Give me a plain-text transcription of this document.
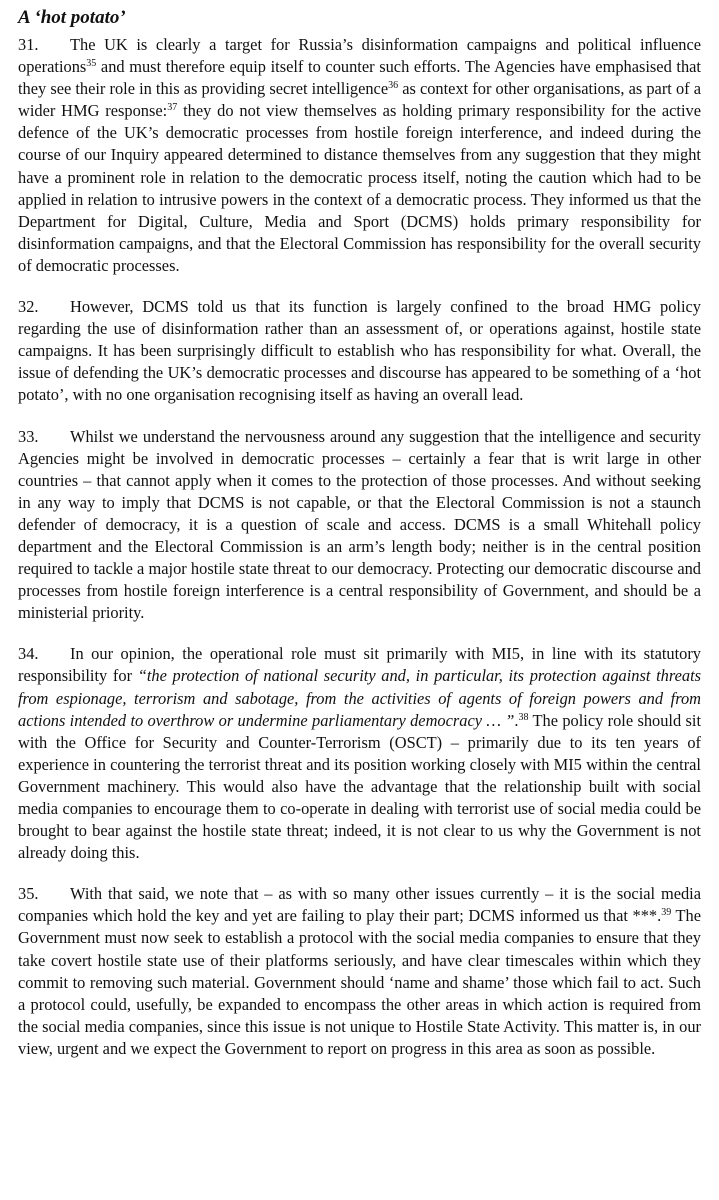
A ‘hot potato’

31. The UK is clearly a target for Russia’s disinformation campaigns and political influence operations$^{35}$ and must therefore equip itself to counter such efforts. The Agencies have emphasised that they see their role in this as providing secret intelligence$^{36}$ as context for other organisations, as part of a wider HMG response:$^{37}$ they do not view themselves as holding primary responsibility for the active defence of the UK’s democratic processes from hostile foreign interference, and indeed during the course of our Inquiry appeared determined to distance themselves from any suggestion that they might have a prominent role in relation to the democratic process itself, noting the caution which had to be applied in relation to intrusive powers in the context of a democratic process. They informed us that the Department for Digital, Culture, Media and Sport (DCMS) holds primary responsibility for disinformation campaigns, and that the Electoral Commission has responsibility for the overall security of democratic processes.

32. However, DCMS told us that its function is largely confined to the broad HMG policy regarding the use of disinformation rather than an assessment of, or operations against, hostile state campaigns. It has been surprisingly difficult to establish who has responsibility for what. Overall, the issue of defending the UK’s democratic processes and discourse has appeared to be something of a ‘hot potato’, with no one organisation recognising itself as having an overall lead.

33. Whilst we understand the nervousness around any suggestion that the intelligence and security Agencies might be involved in democratic processes – certainly a fear that is writ large in other countries – that cannot apply when it comes to the protection of those processes. And without seeking in any way to imply that DCMS is not capable, or that the Electoral Commission is not a staunch defender of democracy, it is a question of scale and access. DCMS is a small Whitehall policy department and the Electoral Commission is an arm’s length body; neither is in the central position required to tackle a major hostile state threat to our democracy. Protecting our democratic discourse and processes from hostile foreign interference is a central responsibility of Government, and should be a ministerial priority.

34. In our opinion, the operational role must sit primarily with MI5, in line with its statutory responsibility for “the protection of national security and, in particular, its protection against threats from espionage, terrorism and sabotage, from the activities of agents of foreign powers and from actions intended to overthrow or undermine parliamentary democracy … ”.$^{38}$ The policy role should sit with the Office for Security and Counter-Terrorism (OSCT) – primarily due to its ten years of experience in countering the terrorist threat and its position working closely with MI5 within the central Government machinery. This would also have the advantage that the relationship built with social media companies to encourage them to co-operate in dealing with terrorist use of social media could be brought to bear against the hostile state threat; indeed, it is not clear to us why the Government is not already doing this.

35. With that said, we note that – as with so many other issues currently – it is the social media companies which hold the key and yet are failing to play their part; DCMS informed us that ***.$^{39}$ The Government must now seek to establish a protocol with the social media companies to ensure that they take covert hostile state use of their platforms seriously, and have clear timescales within which they commit to removing such material. Government should ‘name and shame’ those which fail to act. Such a protocol could, usefully, be expanded to encompass the other areas in which action is required from the social media companies, since this issue is not unique to Hostile State Activity. This matter is, in our view, urgent and we expect the Government to report on progress in this area as soon as possible.
